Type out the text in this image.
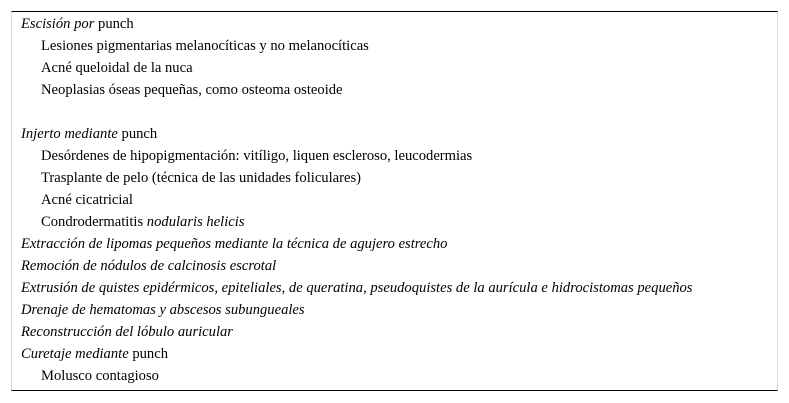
Escisión por punch
Lesiones pigmentarias melanocíticas y no melanocíticas
Acné queloidal de la nuca
Neoplasias óseas pequeñas, como osteoma osteoide
Injerto mediante punch
Desórdenes de hipopigmentación: vitíligo, liquen escleroso, leucodermias
Trasplante de pelo (técnica de las unidades foliculares)
Acné cicatricial
Condrodermatitis nodularis helicis
Extracción de lipomas pequeños mediante la técnica de agujero estrecho
Remoción de nódulos de calcinosis escrotal
Extrusión de quistes epidérmicos, epiteliales, de queratina, pseudoquistes de la aurícula e hidrocistomas pequeños
Drenaje de hematomas y abscesos subungueales
Reconstrucción del lóbulo auricular
Curetaje mediante punch
Molusco contagioso
